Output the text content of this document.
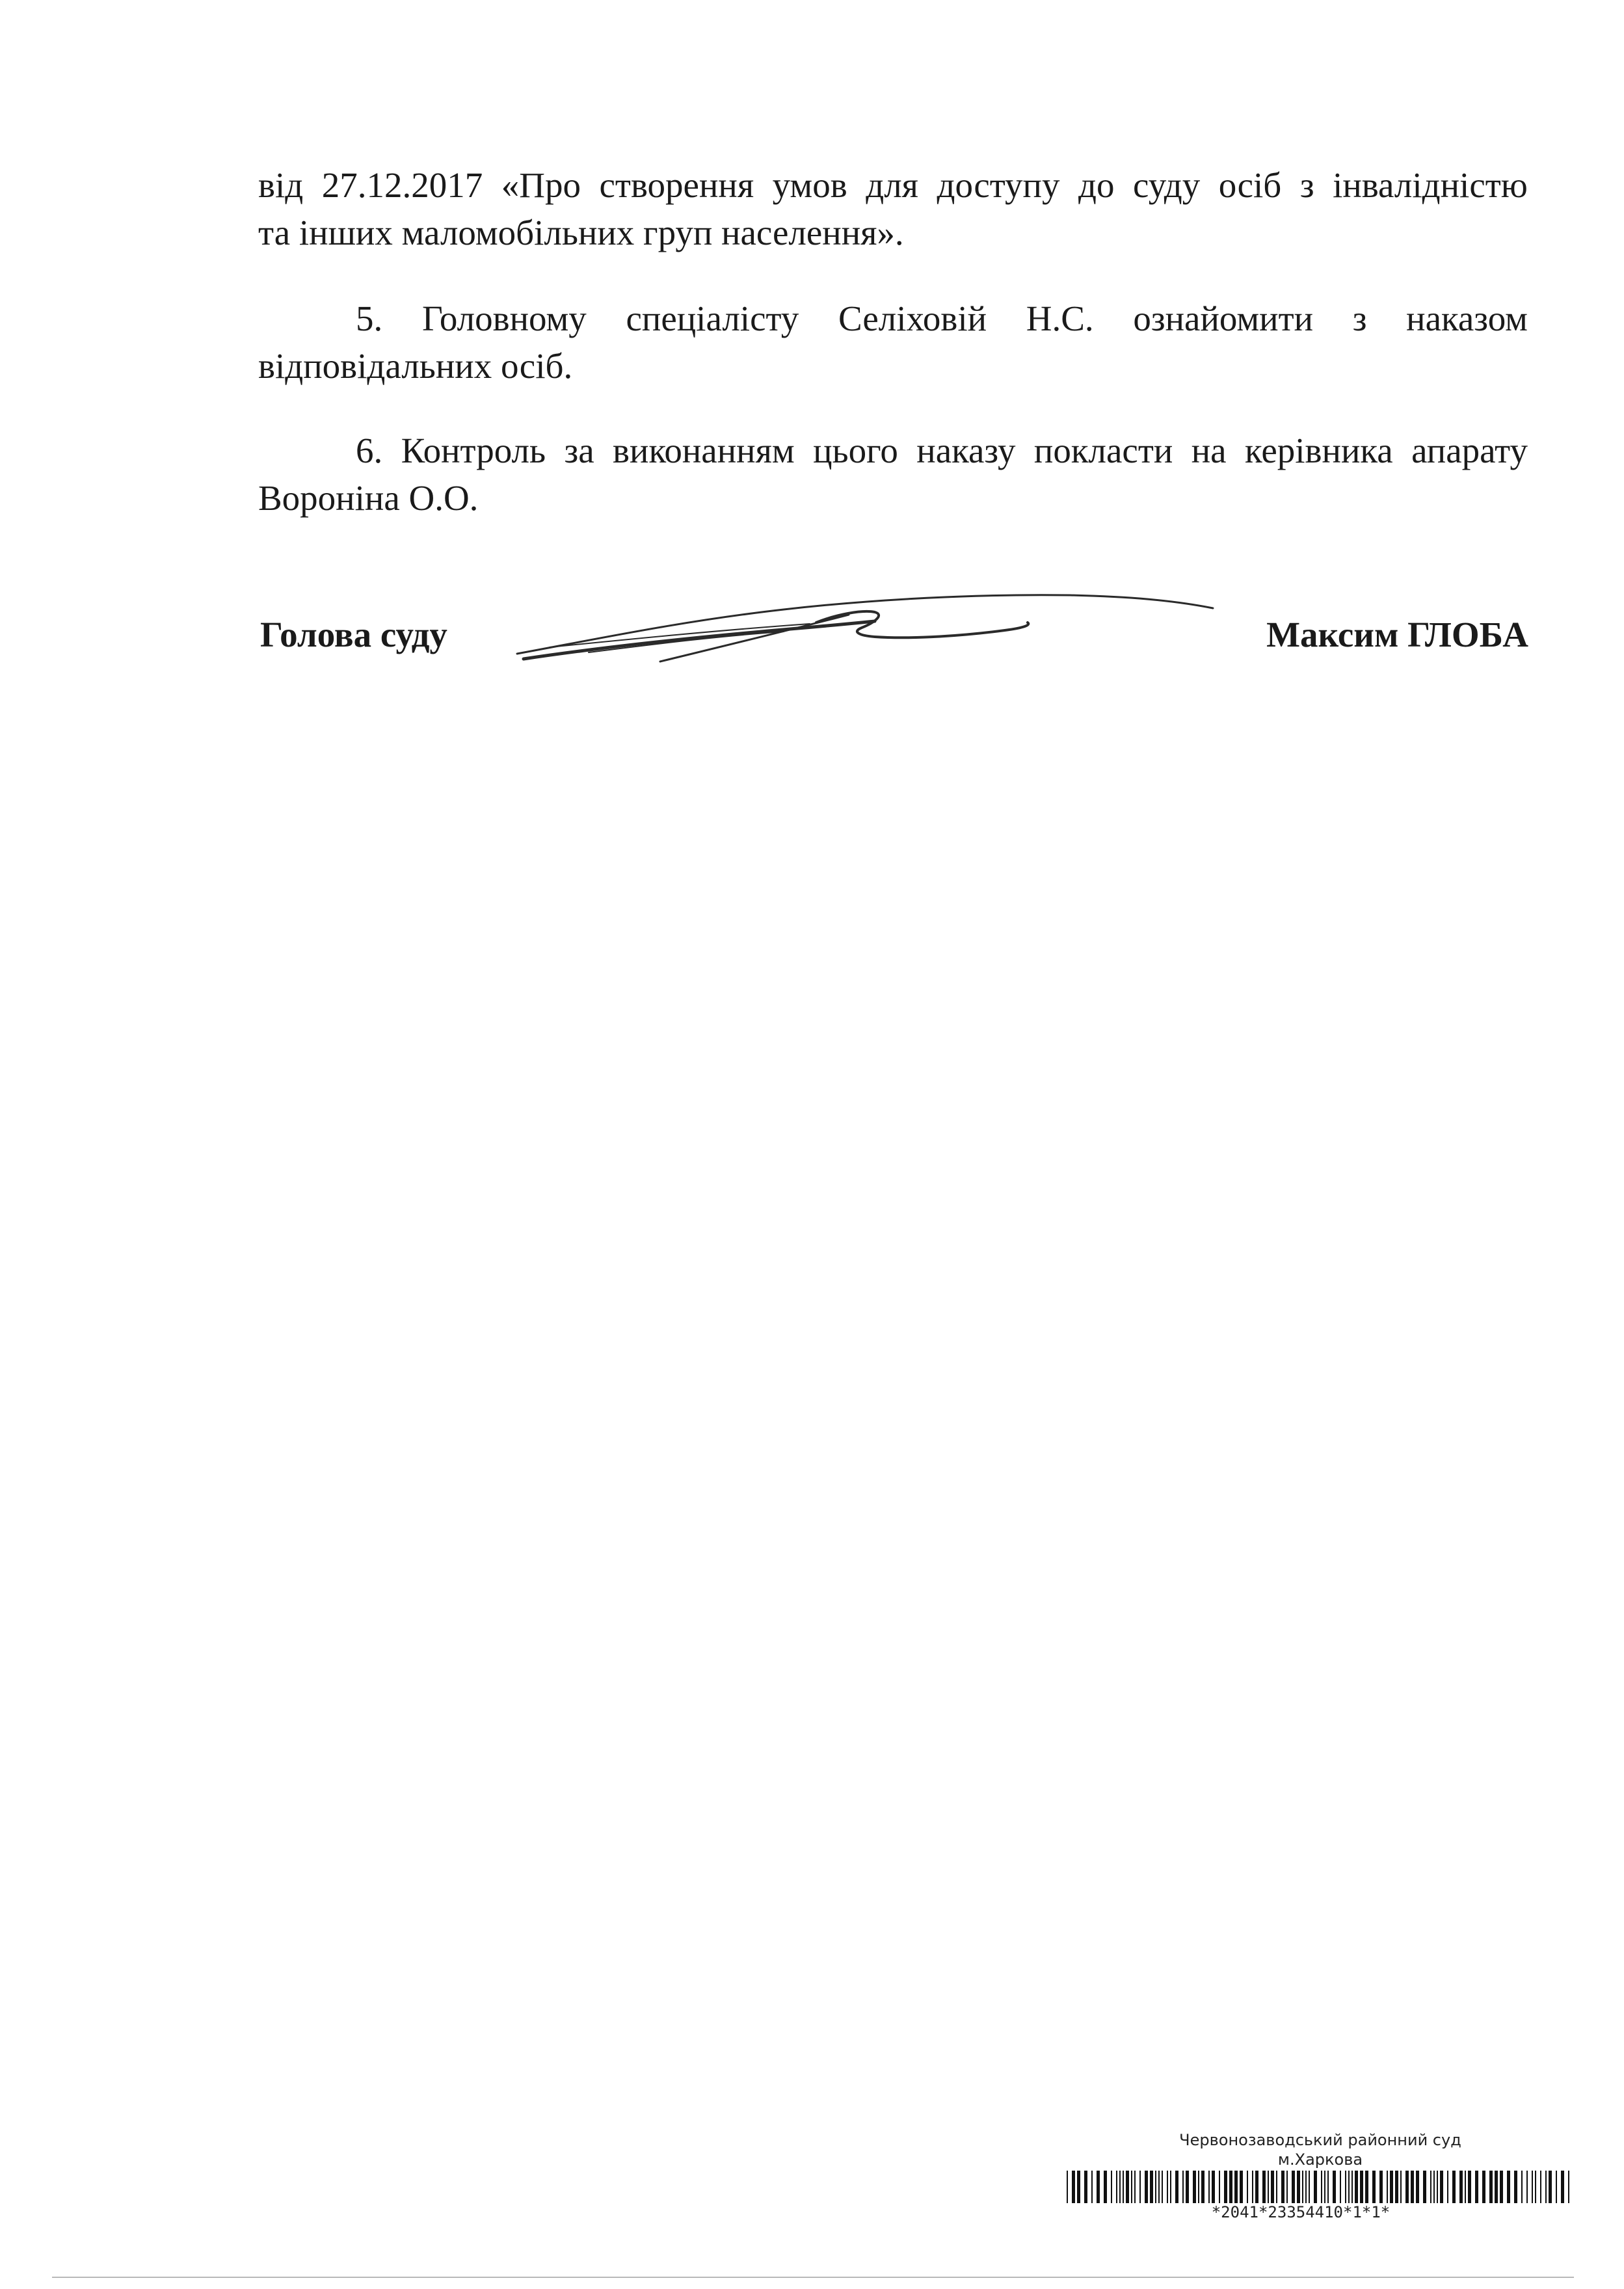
від 27.12.2017 «Про створення умов для доступу до суду осіб з інвалідністю
та інших маломобільних груп населення».
5. Головному спеціалісту Селіховій Н.С. ознайомити з наказом
відповідальних осіб.
6. Контроль за виконанням цього наказу покласти на керівника апарату
Вороніна О.О.
Голова суду	Максим ГЛОБА
Червонозаводський районний суд
м.Харкова
*2041*23354410*1*1*
